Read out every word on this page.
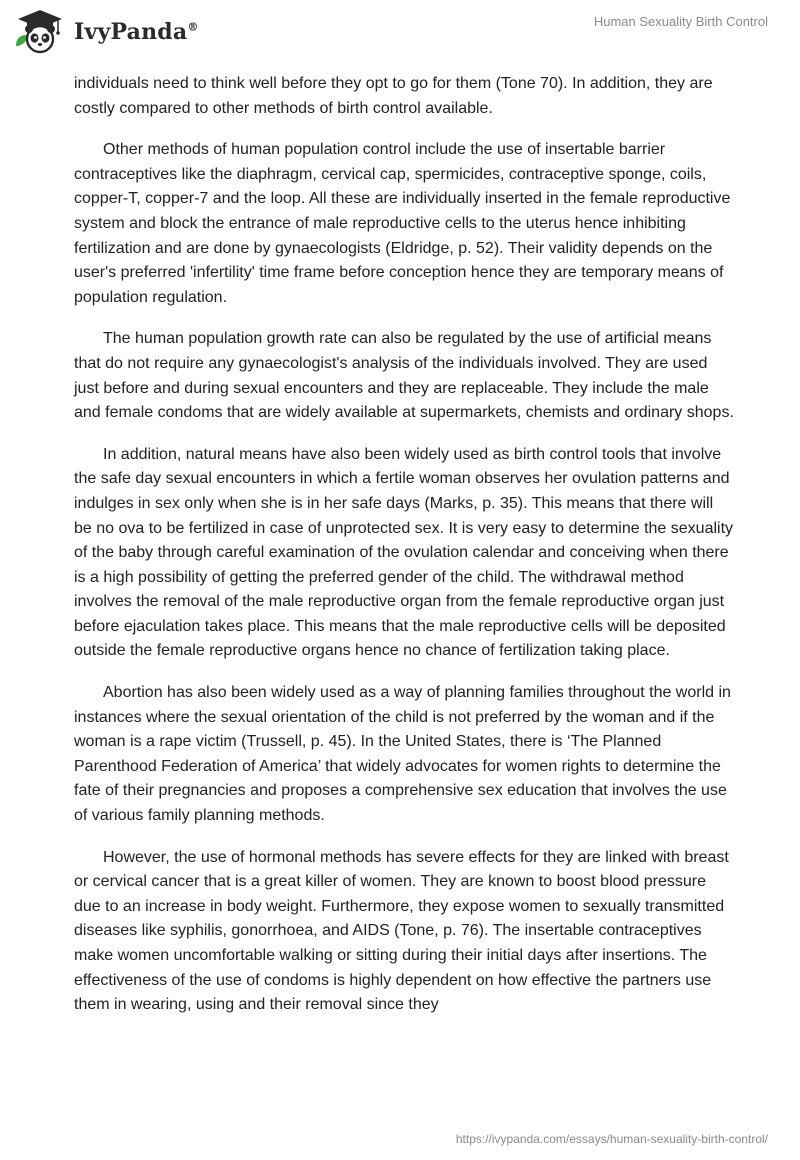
IvyPanda®	Human Sexuality Birth Control

individuals need to think well before they opt to go for them (Tone 70). In addition, they are costly compared to other methods of birth control available.

Other methods of human population control include the use of insertable barrier contraceptives like the diaphragm, cervical cap, spermicides, contraceptive sponge, coils, copper-T, copper-7 and the loop. All these are individually inserted in the female reproductive system and block the entrance of male reproductive cells to the uterus hence inhibiting fertilization and are done by gynaecologists (Eldridge, p. 52). Their validity depends on the user's preferred 'infertility' time frame before conception hence they are temporary means of population regulation.

The human population growth rate can also be regulated by the use of artificial means that do not require any gynaecologist's analysis of the individuals involved. They are used just before and during sexual encounters and they are replaceable. They include the male and female condoms that are widely available at supermarkets, chemists and ordinary shops.

In addition, natural means have also been widely used as birth control tools that involve the safe day sexual encounters in which a fertile woman observes her ovulation patterns and indulges in sex only when she is in her safe days (Marks, p. 35). This means that there will be no ova to be fertilized in case of unprotected sex. It is very easy to determine the sexuality of the baby through careful examination of the ovulation calendar and conceiving when there is a high possibility of getting the preferred gender of the child. The withdrawal method involves the removal of the male reproductive organ from the female reproductive organ just before ejaculation takes place. This means that the male reproductive cells will be deposited outside the female reproductive organs hence no chance of fertilization taking place.

Abortion has also been widely used as a way of planning families throughout the world in instances where the sexual orientation of the child is not preferred by the woman and if the woman is a rape victim (Trussell, p. 45). In the United States, there is ‘The Planned Parenthood Federation of America’ that widely advocates for women rights to determine the fate of their pregnancies and proposes a comprehensive sex education that involves the use of various family planning methods.

However, the use of hormonal methods has severe effects for they are linked with breast or cervical cancer that is a great killer of women. They are known to boost blood pressure due to an increase in body weight. Furthermore, they expose women to sexually transmitted diseases like syphilis, gonorrhoea, and AIDS (Tone, p. 76). The insertable contraceptives make women uncomfortable walking or sitting during their initial days after insertions. The effectiveness of the use of condoms is highly dependent on how effective the partners use them in wearing, using and their removal since they

https://ivypanda.com/essays/human-sexuality-birth-control/
